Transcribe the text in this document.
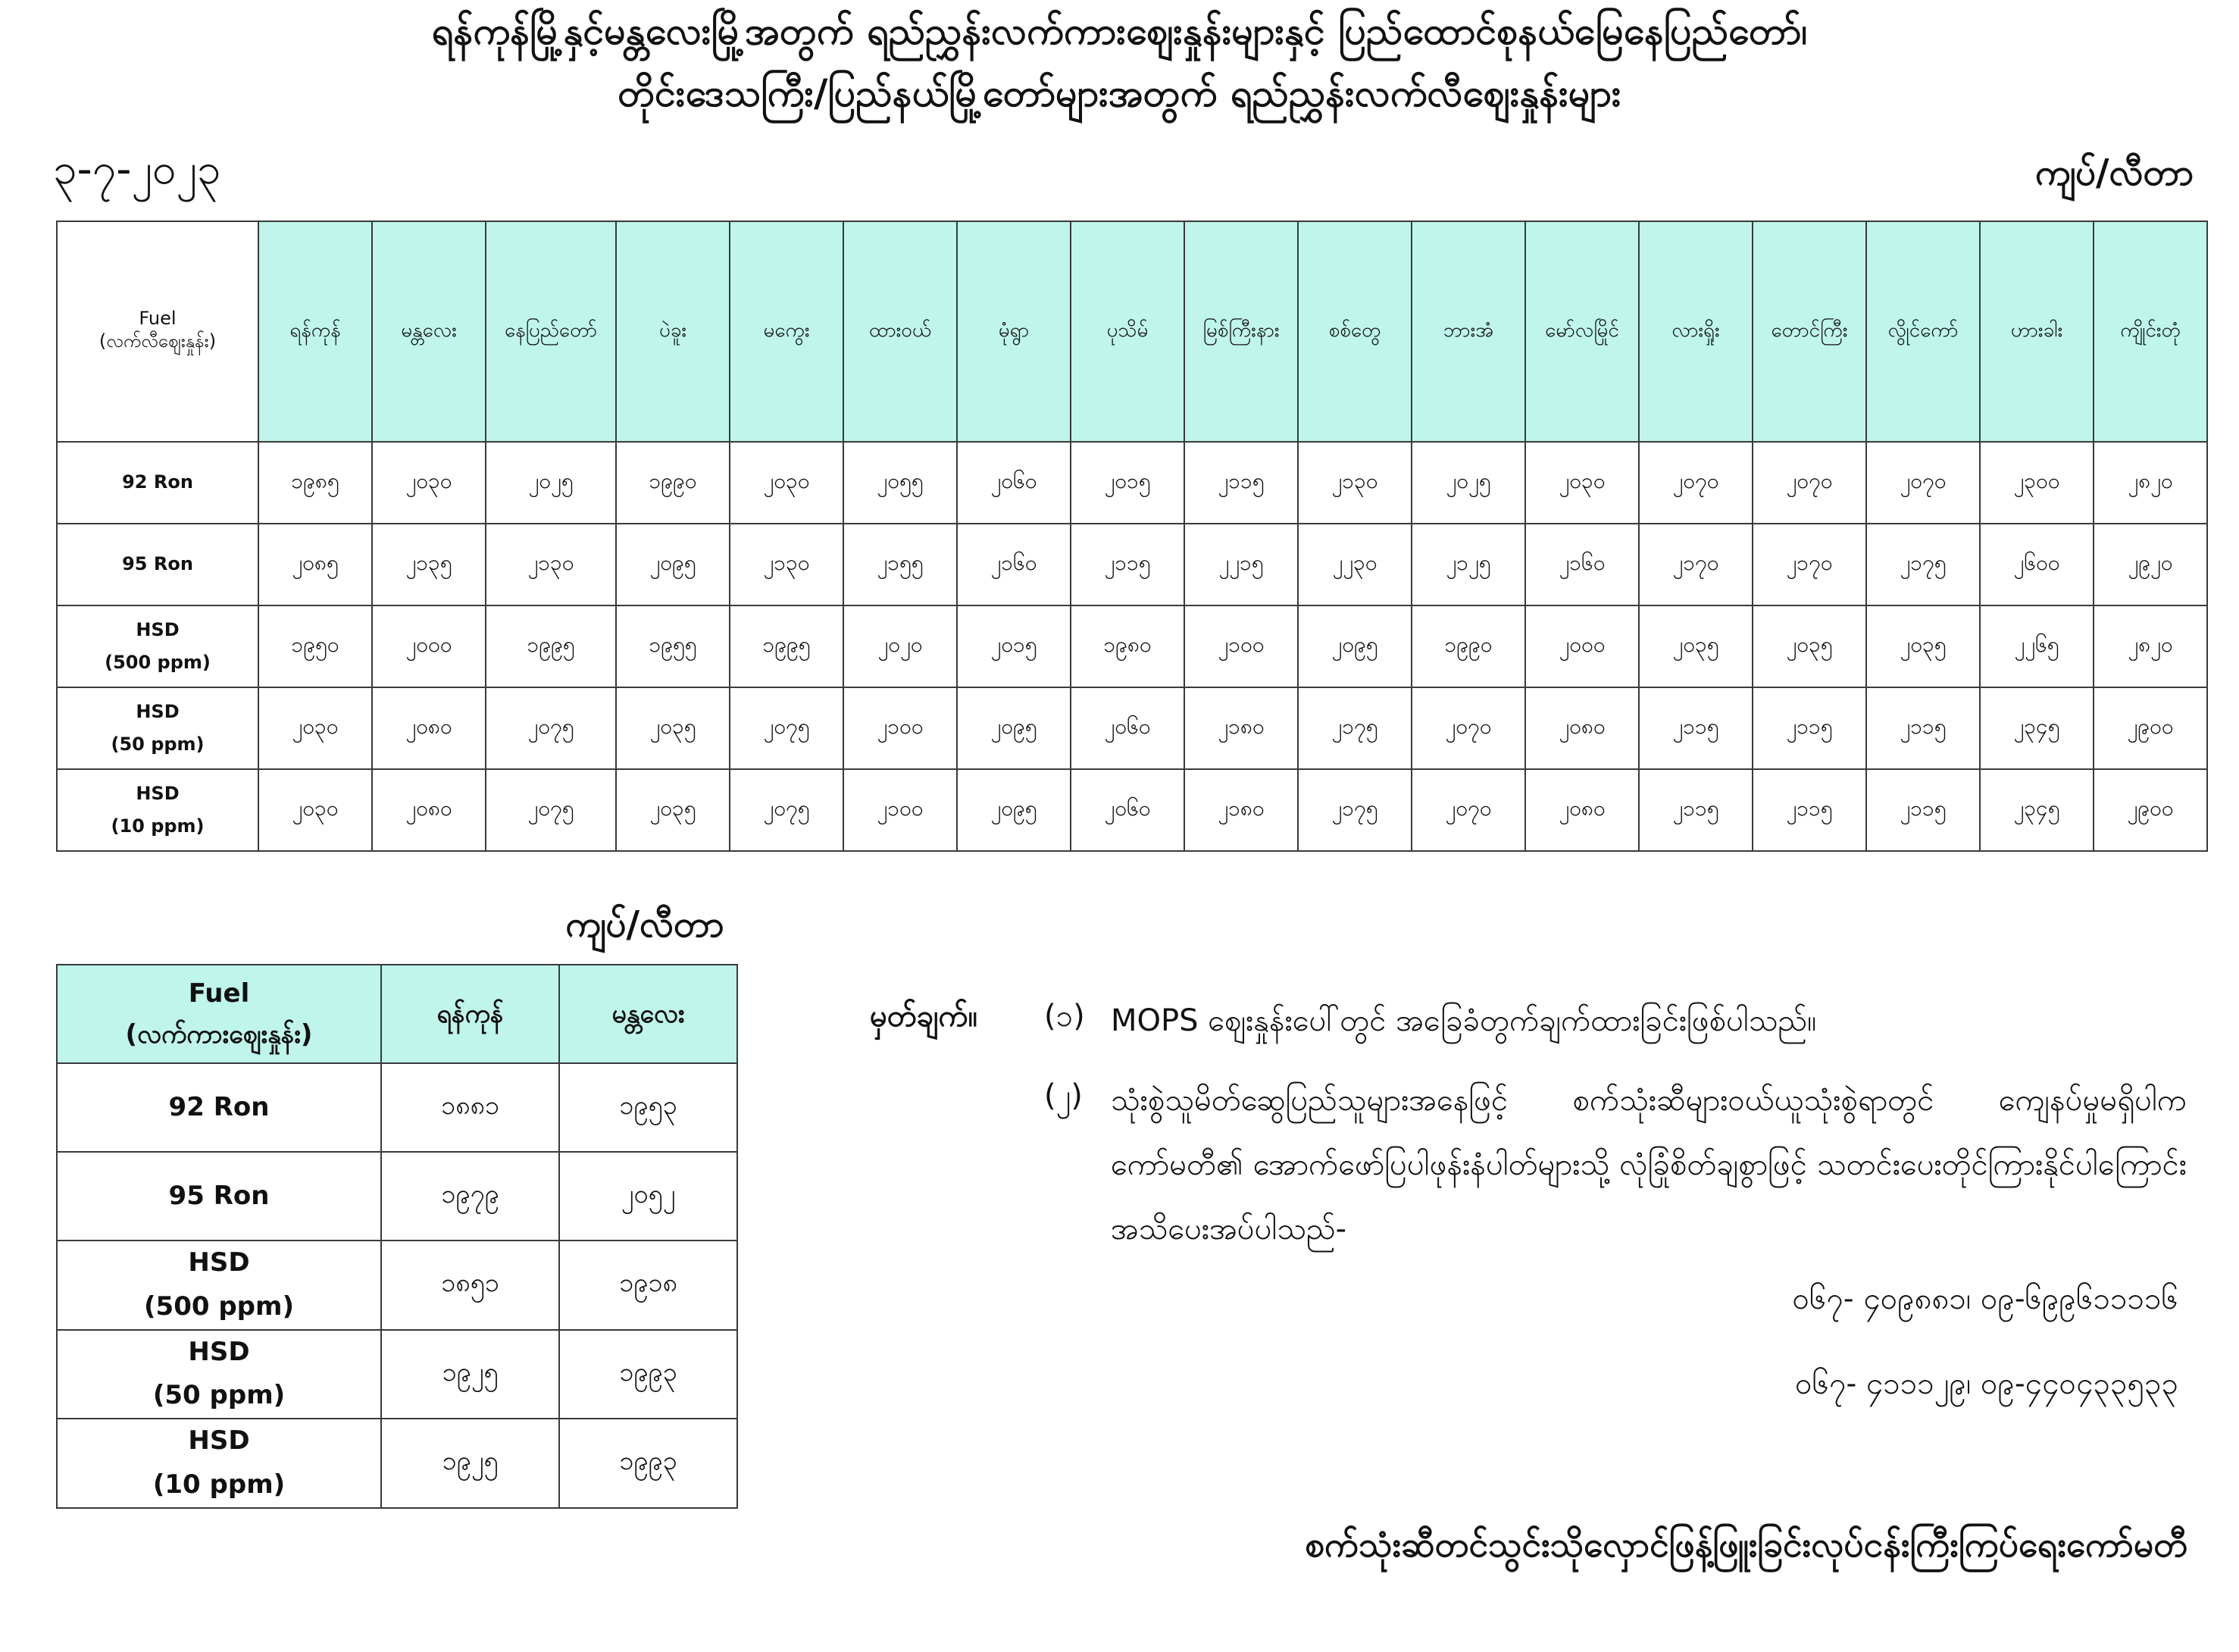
ရန်ကုန်မြို့နှင့်မန္တလေးမြို့အတွက် ရည်ညွှန်းလက်ကားဈေးနှုန်းများနှင့် ပြည်ထောင်စုနယ်မြေနေပြည်တော်၊
တိုင်းဒေသကြီး/ပြည်နယ်မြို့တော်များအတွက် ရည်ညွှန်းလက်လီဈေးနှုန်းများ
၃-၇-၂၀၂၃	ကျပ်/လီတာ
Fuel
(လက်လီဈေးနှုန်း)	ရန်ကုန်	မန္တလေး	နေပြည်တော်	ပဲခူး	မကွေး	ထားဝယ်	မုံရွာ	ပုသိမ်	မြစ်ကြီးနား	စစ်တွေ	ဘားအံ	မော်လမြိုင်	လားရှိုး	တောင်ကြီး	လွိုင်ကော်	ဟားခါး	ကျိုင်းတုံ

92 Ron	၁၉၈၅	၂၀၃၀	၂၀၂၅	၁၉၉၀	၂၀၃၀	၂၀၅၅	၂၀၆၀	၂၀၁၅	၂၁၁၅	၂၁၃၀	၂၀၂၅	၂၀၃၀	၂၀၇၀	၂၀၇၀	၂၀၇၀	၂၃၀၀	၂၈၂၀

95 Ron	၂၀၈၅	၂၁၃၅	၂၁၃၀	၂၀၉၅	၂၁၃၀	၂၁၅၅	၂၁၆၀	၂၁၁၅	၂၂၁၅	၂၂၃၀	၂၁၂၅	၂၁၆၀	၂၁၇၀	၂၁၇၀	၂၁၇၅	၂၆၀၀	၂၉၂၀

HSD
(500 ppm)	၁၉၅၀	၂၀၀၀	၁၉၉၅	၁၉၅၅	၁၉၉၅	၂၀၂၀	၂၀၁၅	၁၉၈၀	၂၁၀၀	၂၀၉၅	၁၉၉၀	၂၀၀၀	၂၀၃၅	၂၀၃၅	၂၀၃၅	၂၂၆၅	၂၈၂၀

HSD
(50 ppm)	၂၀၃၀	၂၀၈၀	၂၀၇၅	၂၀၃၅	၂၀၇၅	၂၁၀၀	၂၀၉၅	၂၀၆၀	၂၁၈၀	၂၁၇၅	၂၀၇၀	၂၀၈၀	၂၁၁၅	၂၁၁၅	၂၁၁၅	၂၃၄၅	၂၉၀၀

HSD
(10 ppm)	၂၀၃၀	၂၀၈၀	၂၀၇၅	၂၀၃၅	၂၀၇၅	၂၁၀၀	၂၀၉၅	၂၀၆၀	၂၁၈၀	၂၁၇၅	၂၀၇၀	၂၀၈၀	၂၁၁၅	၂၁၁၅	၂၁၁၅	၂၃၄၅	၂၉၀၀
ကျပ်/လီတာ
Fuel
(လက်ကားဈေးနှုန်း)	ရန်ကုန်	မန္တလေး

92 Ron	၁၈၈၁	၁၉၅၃

95 Ron	၁၉၇၉	၂၀၅၂

HSD
(500 ppm)	၁၈၅၁	၁၉၁၈

HSD
(50 ppm)	၁၉၂၅	၁၉၉၃

HSD
(10 ppm)	၁၉၂၅	၁၉၉၃
မှတ်ချက်။ (၁) MOPS ဈေးနှုန်းပေါ်တွင် အခြေခံတွက်ချက်ထားခြင်းဖြစ်ပါသည်။
(၂) သုံးစွဲသူမိတ်ဆွေပြည်သူများအနေဖြင့် စက်သုံးဆီများဝယ်ယူသုံးစွဲရာတွင် ကျေနပ်မှုမရှိပါက ကော်မတီ၏ အောက်ဖော်ပြပါဖုန်းနံပါတ်များသို့ လုံခြုံစိတ်ချစွာဖြင့် သတင်းပေးတိုင်ကြားနိုင်ပါကြောင်း အသိပေးအပ်ပါသည်-
၀၆၇- ၄၀၉၈၈၁၊ ၀၉-၆၉၉၆၁၁၁၁၆
၀၆၇- ၄၁၁၁၂၉၊ ၀၉-၄၄၀၄၃၃၅၃၃
စက်သုံးဆီတင်သွင်းသိုလှောင်ဖြန့်ဖြူးခြင်းလုပ်ငန်းကြီးကြပ်ရေးကော်မတီ
